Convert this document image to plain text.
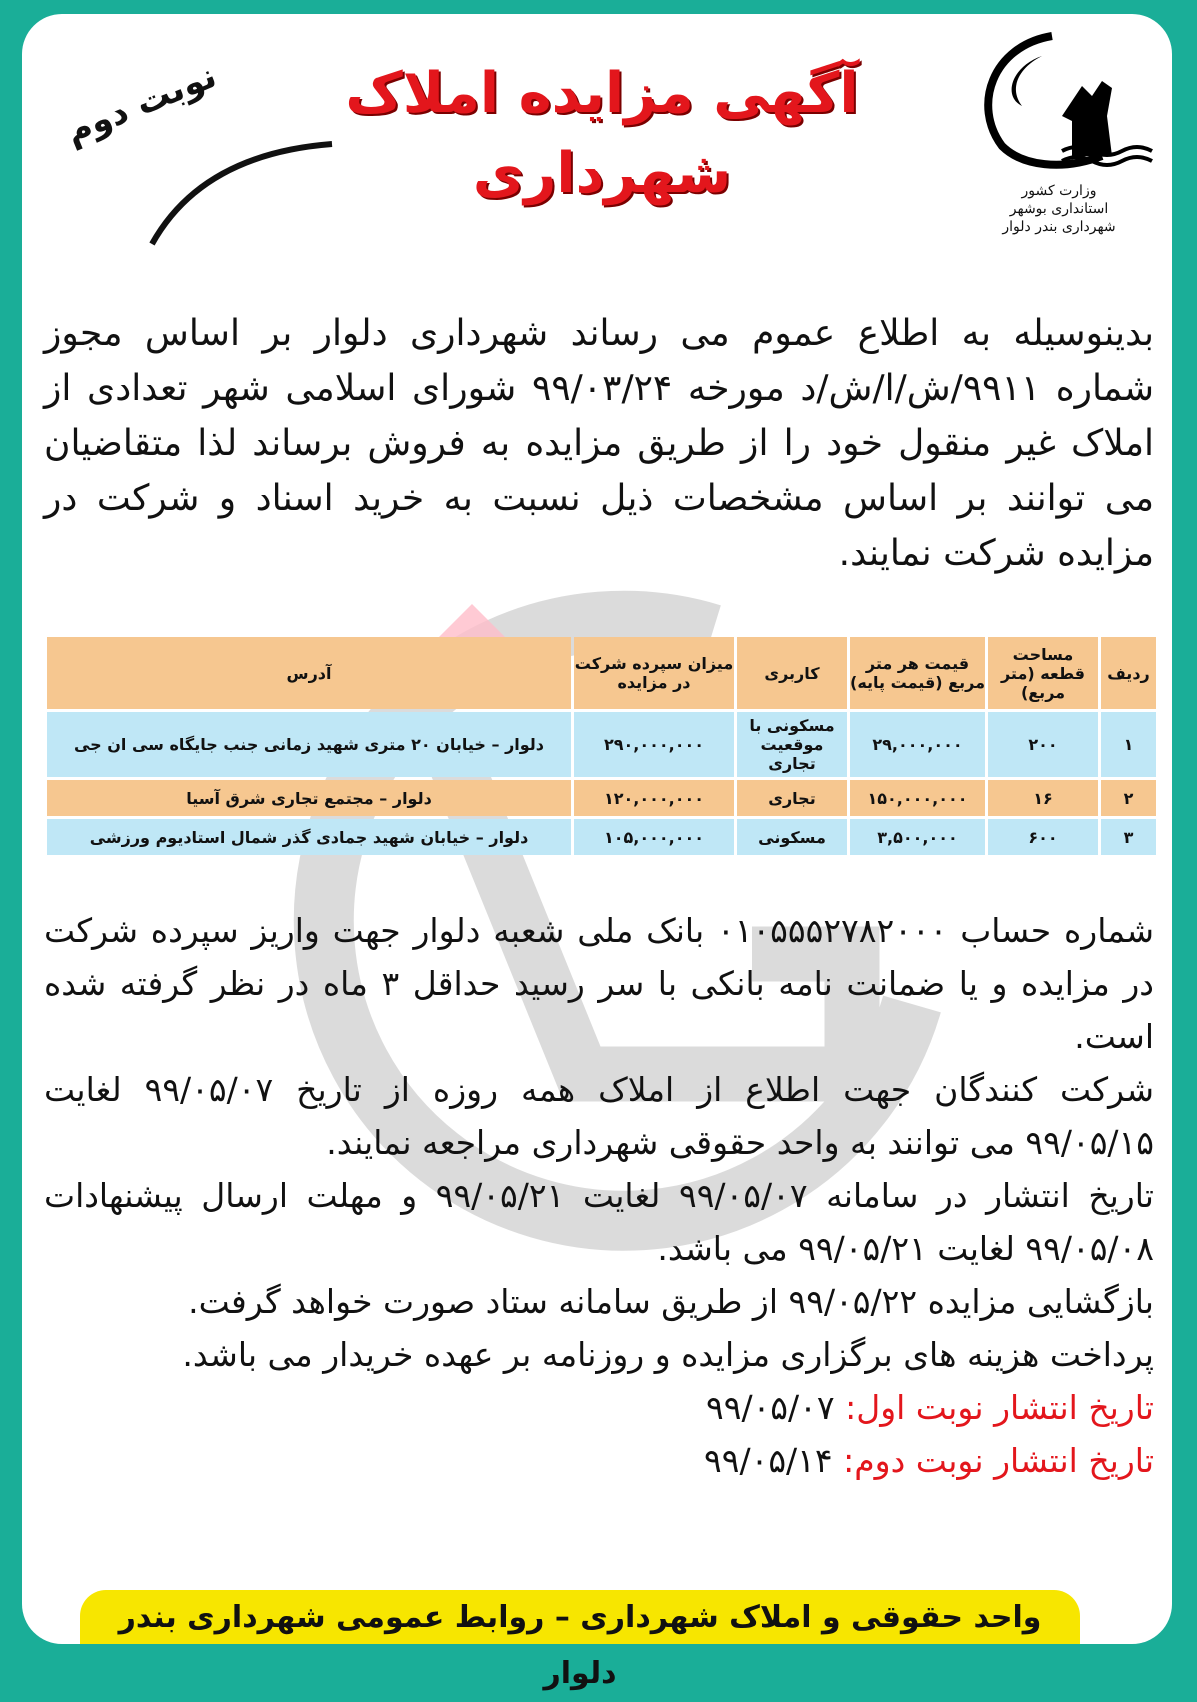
وزارت کشور
استانداری بوشهر
شهرداری بندر دلوار
آگهی مزایده املاک
شهرداری
نوبت دوم

بدینوسیله به اطلاع عموم می رساند شهرداری دلوار بر اساس مجوز شماره ۹۹۱۱/ش/ا/ش/د مورخه ۹۹/۰۳/۲۴ شورای اسلامی شهر تعدادی از املاک غیر منقول خود را از طریق مزایده به فروش برساند لذا متقاضیان می توانند بر اساس مشخصات ذیل نسبت به خرید اسناد و شرکت در مزایده شرکت نمایند.

ردیف	مساحت قطعه (متر مربع)	قیمت هر متر مربع (قیمت پایه)	کاربری	میزان سپرده شرکت در مزایده	آدرس
۱	۲۰۰	۲۹,۰۰۰,۰۰۰	مسکونی با موقعیت تجاری	۲۹۰,۰۰۰,۰۰۰	دلوار – خیابان ۲۰ متری شهید زمانی جنب جایگاه سی ان جی
۲	۱۶	۱۵۰,۰۰۰,۰۰۰	تجاری	۱۲۰,۰۰۰,۰۰۰	دلوار – مجتمع تجاری شرق آسیا
۳	۶۰۰	۳,۵۰۰,۰۰۰	مسکونی	۱۰۵,۰۰۰,۰۰۰	دلوار – خیابان شهید جمادی گذر شمال استادیوم ورزشی

شماره حساب ۰۱۰۵۵۵۲۷۸۲۰۰۰ بانک ملی شعبه دلوار جهت واریز سپرده شرکت در مزایده و یا ضمانت نامه بانکی با سر رسید حداقل ۳ ماه در نظر گرفته شده است.

شرکت کنندگان جهت اطلاع از املاک همه روزه از تاریخ ۹۹/۰۵/۰۷ لغایت ۹۹/۰۵/۱۵ می توانند به واحد حقوقی شهرداری مراجعه نمایند.

تاریخ انتشار در سامانه ۹۹/۰۵/۰۷ لغایت ۹۹/۰۵/۲۱ و مهلت ارسال پیشنهادات ۹۹/۰۵/۰۸ لغایت ۹۹/۰۵/۲۱ می باشد.

بازگشایی مزایده ۹۹/۰۵/۲۲ از طریق سامانه ستاد صورت خواهد گرفت.

پرداخت هزینه های برگزاری مزایده و روزنامه بر عهده خریدار می باشد.

تاریخ انتشار نوبت اول: ۹۹/۰۵/۰۷

تاریخ انتشار نوبت دوم: ۹۹/۰۵/۱۴

واحد حقوقی و املاک شهرداری – روابط عمومی شهرداری بندر دلوار
